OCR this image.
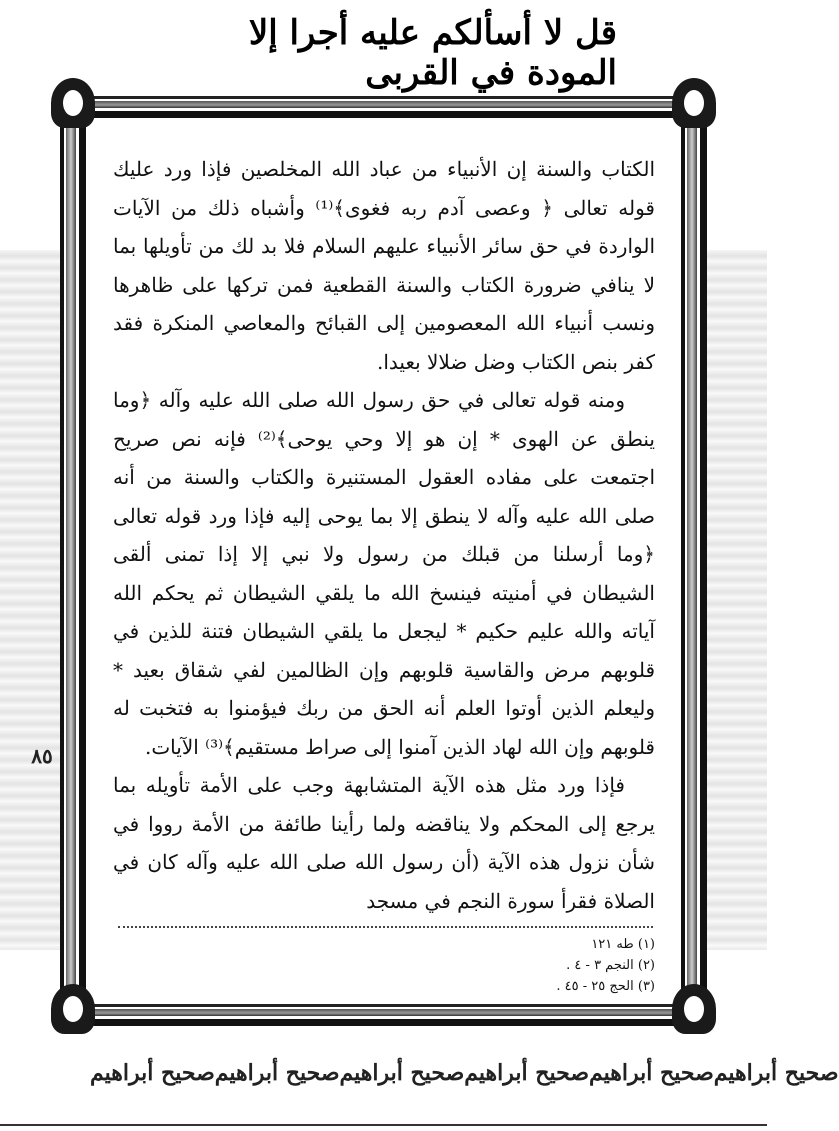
قل لا أسألكم عليه أجرا إلا المودة في القربى
٨٥

الكتاب والسنة إن الأنبياء من عباد الله المخلصين فإذا ورد عليك قوله تعالى ﴿ وعصى آدم ربه فغوى﴾⁽¹⁾ وأشباه ذلك من الآيات الواردة في حق سائر الأنبياء عليهم السلام فلا بد لك من تأويلها بما لا ينافي ضرورة الكتاب والسنة القطعية فمن تركها على ظاهرها ونسب أنبياء الله المعصومين إلى القبائح والمعاصي المنكرة فقد كفر بنص الكتاب وضل ضلالا بعيدا.

ومنه قوله تعالى في حق رسول الله صلى الله عليه وآله ﴿وما ينطق عن الهوى * إن هو إلا وحي يوحى﴾⁽²⁾ فإنه نص صريح اجتمعت على مفاده العقول المستنيرة والكتاب والسنة من أنه صلى الله عليه وآله لا ينطق إلا بما يوحى إليه فإذا ورد قوله تعالى ﴿وما أرسلنا من قبلك من رسول ولا نبي إلا إذا تمنى ألقى الشيطان في أمنيته فينسخ الله ما يلقي الشيطان ثم يحكم الله آياته والله عليم حكيم * ليجعل ما يلقي الشيطان فتنة للذين في قلوبهم مرض والقاسية قلوبهم وإن الظالمين لفي شقاق بعيد * وليعلم الذين أوتوا العلم أنه الحق من ربك فيؤمنوا به فتخبت له قلوبهم وإن الله لهاد الذين آمنوا إلى صراط مستقيم﴾⁽³⁾ الآيات.

فإذا ورد مثل هذه الآية المتشابهة وجب على الأمة تأويله بما يرجع إلى المحكم ولا يناقضه ولما رأينا طائفة من الأمة رووا في شأن نزول هذه الآية (أن رسول الله صلى الله عليه وآله كان في الصلاة فقرأ سورة النجم في مسجد

(١) طه ١٢١
(٢) النجم ٣ - ٤ .
(٣) الحج ٢٥ - ٤٥ .
صحيح أبراهيم صحيح أبراهيم صحيح أبراهيم صحيح أبراهيم صحيح أبراهيم صحيح أبراهيم
